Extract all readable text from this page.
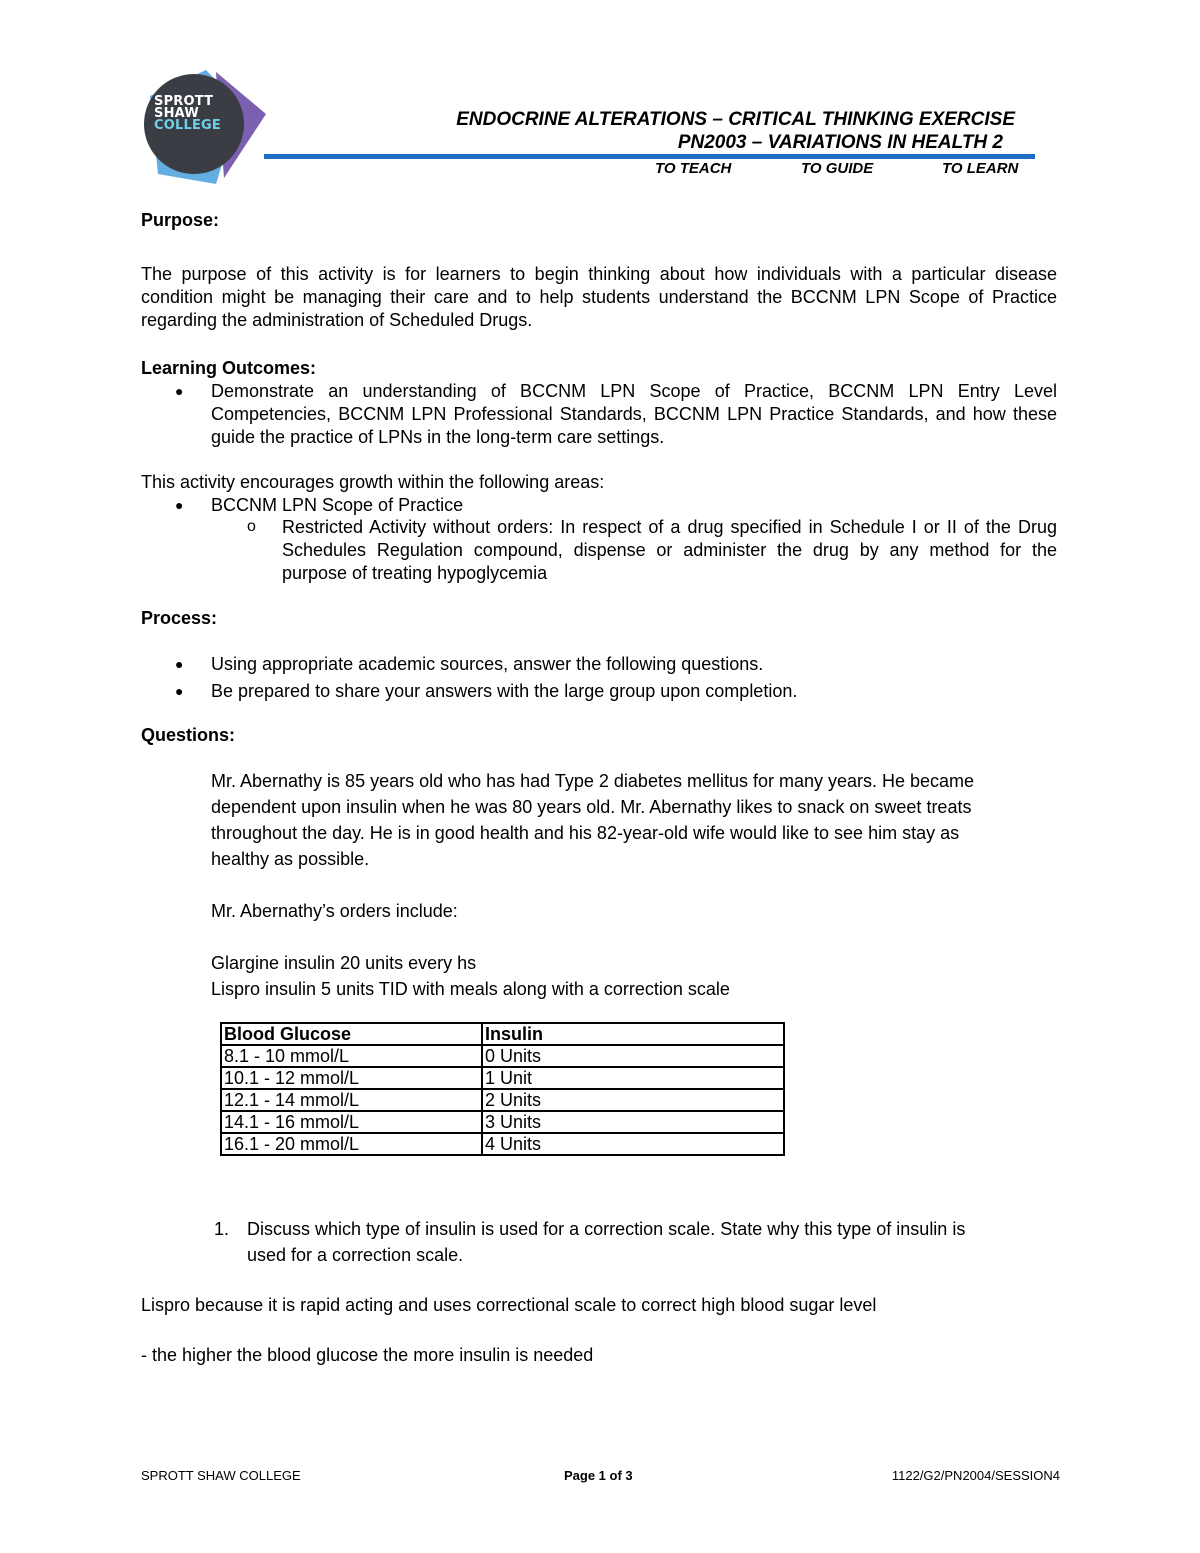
SPROTT
SHAW
COLLEGE	ENDOCRINE ALTERATIONS – CRITICAL THINKING EXERCISE
PN2003 – VARIATIONS IN HEALTH 2
TO TEACH	TO GUIDE	TO LEARN
Purpose:
The purpose of this activity is for learners to begin thinking about how individuals with a particular disease condition might be managing their care and to help students understand the BCCNM LPN Scope of Practice regarding the administration of Scheduled Drugs.
Learning Outcomes:
● Demonstrate an understanding of BCCNM LPN Scope of Practice, BCCNM LPN Entry Level Competencies, BCCNM LPN Professional Standards, BCCNM LPN Practice Standards, and how these guide the practice of LPNs in the long-term care settings.
This activity encourages growth within the following areas:
● BCCNM LPN Scope of Practice
o Restricted Activity without orders: In respect of a drug specified in Schedule I or II of the Drug Schedules Regulation compound, dispense or administer the drug by any method for the purpose of treating hypoglycemia
Process:
● Using appropriate academic sources, answer the following questions.
● Be prepared to share your answers with the large group upon completion.
Questions:
Mr. Abernathy is 85 years old who has had Type 2 diabetes mellitus for many years. He became
dependent upon insulin when he was 80 years old. Mr. Abernathy likes to snack on sweet treats
throughout the day. He is in good health and his 82-year-old wife would like to see him stay as
healthy as possible.
Mr. Abernathy’s orders include:
Glargine insulin 20 units every hs
Lispro insulin 5 units TID with meals along with a correction scale
Blood Glucose	Insulin
8.1 - 10 mmol/L	0 Units
10.1 - 12 mmol/L	1 Unit
12.1 - 14 mmol/L	2 Units
14.1 - 16 mmol/L	3 Units
16.1 - 20 mmol/L	4 Units
1. Discuss which type of insulin is used for a correction scale. State why this type of insulin is
used for a correction scale.
Lispro because it is rapid acting and uses correctional scale to correct high blood sugar level
- the higher the blood glucose the more insulin is needed
SPROTT SHAW COLLEGE	Page 1 of 3	1122/G2/PN2004/SESSION4
